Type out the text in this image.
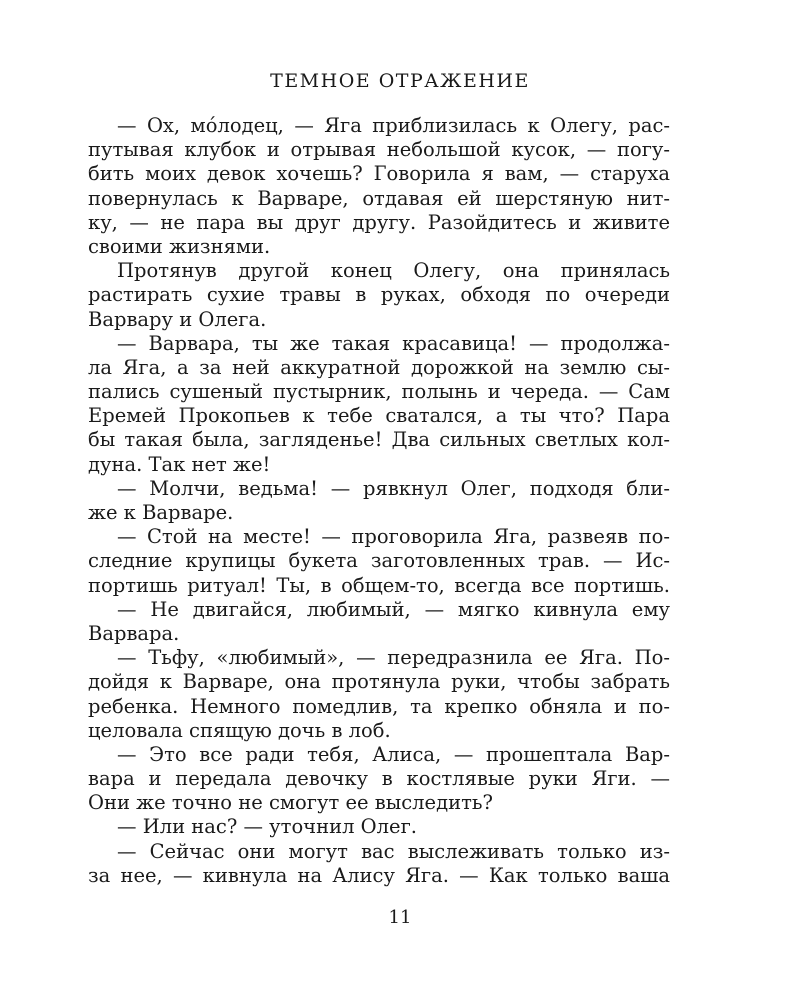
ТЕМНОЕ ОТРАЖЕНИЕ
— Ох, мóлодец, — Яга приблизилась к Олегу, рас-
путывая клубок и отрывая небольшой кусок, — погу-
бить моих девок хочешь? Говорила я вам, — старуха
повернулась к Варваре, отдавая ей шерстяную нит-
ку, — не пара вы друг другу. Разойдитесь и живите
своими жизнями.
Протянув другой конец Олегу, она принялась
растирать сухие травы в руках, обходя по очереди
Варвару и Олега.
— Варвара, ты же такая красавица! — продолжа-
ла Яга, а за ней аккуратной дорожкой на землю сы-
пались сушеный пустырник, полынь и череда. — Сам
Еремей Прокопьев к тебе сватался, а ты что? Пара
бы такая была, загляденье! Два сильных светлых кол-
дуна. Так нет же!
— Молчи, ведьма! — рявкнул Олег, подходя бли-
же к Варваре.
— Стой на месте! — проговорила Яга, развеяв по-
следние крупицы букета заготовленных трав. — Ис-
портишь ритуал! Ты, в общем-то, всегда все портишь.
— Не двигайся, любимый, — мягко кивнула ему
Варвара.
— Тьфу, «любимый», — передразнила ее Яга. По-
дойдя к Варваре, она протянула руки, чтобы забрать
ребенка. Немного помедлив, та крепко обняла и по-
целовала спящую дочь в лоб.
— Это все ради тебя, Алиса, — прошептала Вар-
вара и передала девочку в костлявые руки Яги. —
Они же точно не смогут ее выследить?
— Или нас? — уточнил Олег.
— Сейчас они могут вас выслеживать только из-
за нее, — кивнула на Алису Яга. — Как только ваша
11
